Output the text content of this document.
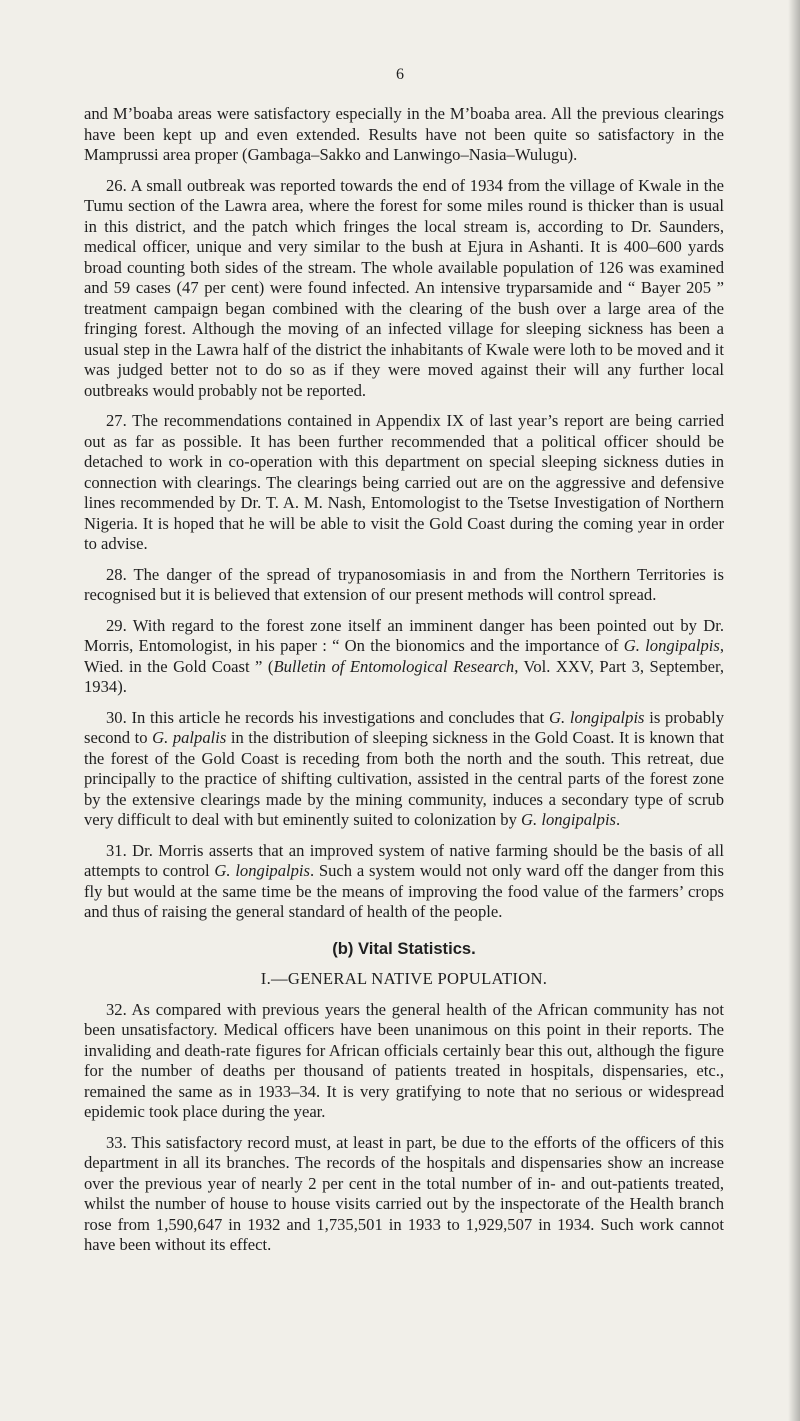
6

and M’boaba areas were satisfactory especially in the M’boaba area. All the previous clearings have been kept up and even extended. Results have not been quite so satisfactory in the Mamprussi area proper (Gambaga–Sakko and Lanwingo–Nasia–Wulugu).

26. A small outbreak was reported towards the end of 1934 from the village of Kwale in the Tumu section of the Lawra area, where the forest for some miles round is thicker than is usual in this district, and the patch which fringes the local stream is, according to Dr. Saunders, medical officer, unique and very similar to the bush at Ejura in Ashanti. It is 400–600 yards broad counting both sides of the stream. The whole available population of 126 was examined and 59 cases (47 per cent) were found infected. An intensive tryparsamide and “ Bayer 205 ” treatment campaign began combined with the clearing of the bush over a large area of the fringing forest. Although the moving of an infected village for sleeping sickness has been a usual step in the Lawra half of the district the inhabitants of Kwale were loth to be moved and it was judged better not to do so as if they were moved against their will any further local outbreaks would probably not be reported.

27. The recommendations contained in Appendix IX of last year’s report are being carried out as far as possible. It has been further recommended that a political officer should be detached to work in co-operation with this department on special sleeping sickness duties in connection with clearings. The clearings being carried out are on the aggressive and defensive lines recommended by Dr. T. A. M. Nash, Entomologist to the Tsetse Investigation of Northern Nigeria. It is hoped that he will be able to visit the Gold Coast during the coming year in order to advise.

28. The danger of the spread of trypanosomiasis in and from the Northern Territories is recognised but it is believed that extension of our present methods will control spread.

29. With regard to the forest zone itself an imminent danger has been pointed out by Dr. Morris, Entomologist, in his paper : “ On the bionomics and the importance of G. longipalpis, Wied. in the Gold Coast ” (Bulletin of Entomological Research, Vol. XXV, Part 3, September, 1934).

30. In this article he records his investigations and concludes that G. longipalpis is probably second to G. palpalis in the distribution of sleeping sickness in the Gold Coast. It is known that the forest of the Gold Coast is receding from both the north and the south. This retreat, due principally to the practice of shifting cultivation, assisted in the central parts of the forest zone by the extensive clearings made by the mining community, induces a secondary type of scrub very difficult to deal with but eminently suited to colonization by G. longipalpis.

31. Dr. Morris asserts that an improved system of native farming should be the basis of all attempts to control G. longipalpis. Such a system would not only ward off the danger from this fly but would at the same time be the means of improving the food value of the farmers’ crops and thus of raising the general standard of health of the people.

(b) Vital Statistics.
I.—GENERAL NATIVE POPULATION.

32. As compared with previous years the general health of the African community has not been unsatisfactory. Medical officers have been unanimous on this point in their reports. The invaliding and death-rate figures for African officials certainly bear this out, although the figure for the number of deaths per thousand of patients treated in hospitals, dispensaries, etc., remained the same as in 1933–34. It is very gratifying to note that no serious or widespread epidemic took place during the year.

33. This satisfactory record must, at least in part, be due to the efforts of the officers of this department in all its branches. The records of the hospitals and dispensaries show an increase over the previous year of nearly 2 per cent in the total number of in- and out-patients treated, whilst the number of house to house visits carried out by the inspectorate of the Health branch rose from 1,590,647 in 1932 and 1,735,501 in 1933 to 1,929,507 in 1934. Such work cannot have been without its effect.
